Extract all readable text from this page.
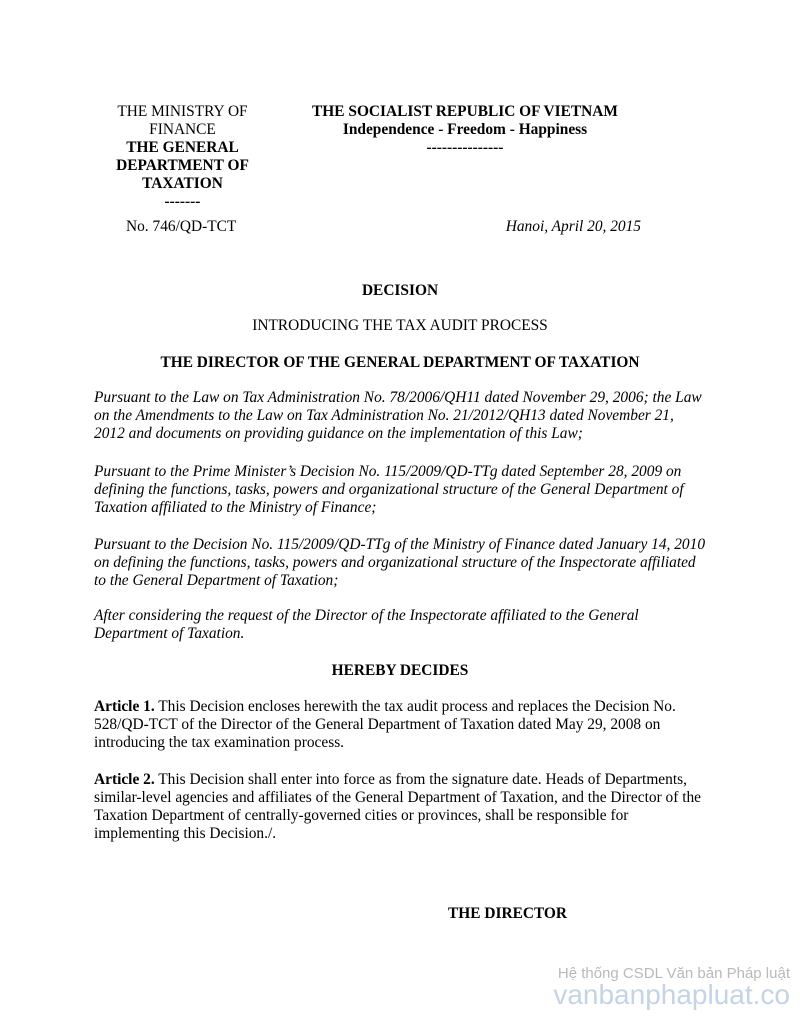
THE MINISTRY OF
FINANCE
THE GENERAL
DEPARTMENT OF
TAXATION
-------
THE SOCIALIST REPUBLIC OF VIETNAM
Independence - Freedom - Happiness
---------------
No. 746/QD-TCT	Hanoi, April 20, 2015
DECISION
INTRODUCING THE TAX AUDIT PROCESS
THE DIRECTOR OF THE GENERAL DEPARTMENT OF TAXATION

Pursuant to the Law on Tax Administration No. 78/2006/QH11 dated November 29, 2006; the Law on the Amendments to the Law on Tax Administration No. 21/2012/QH13 dated November 21, 2012 and documents on providing guidance on the implementation of this Law;

Pursuant to the Prime Minister’s Decision No. 115/2009/QD-TTg dated September 28, 2009 on defining the functions, tasks, powers and organizational structure of the General Department of Taxation affiliated to the Ministry of Finance;

Pursuant to the Decision No. 115/2009/QD-TTg of the Ministry of Finance dated January 14, 2010 on defining the functions, tasks, powers and organizational structure of the Inspectorate affiliated to the General Department of Taxation;

After considering the request of the Director of the Inspectorate affiliated to the General Department of Taxation.

HEREBY DECIDES

Article 1. This Decision encloses herewith the tax audit process and replaces the Decision No. 528/QD-TCT of the Director of the General Department of Taxation dated May 29, 2008 on introducing the tax examination process.

Article 2. This Decision shall enter into force as from the signature date. Heads of Departments, similar-level agencies and affiliates of the General Department of Taxation, and the Director of the Taxation Department of centrally-governed cities or provinces, shall be responsible for implementing this Decision./.

THE DIRECTOR
Hệ thống CSDL Văn bản Pháp luật
vanbanphapluat.co
